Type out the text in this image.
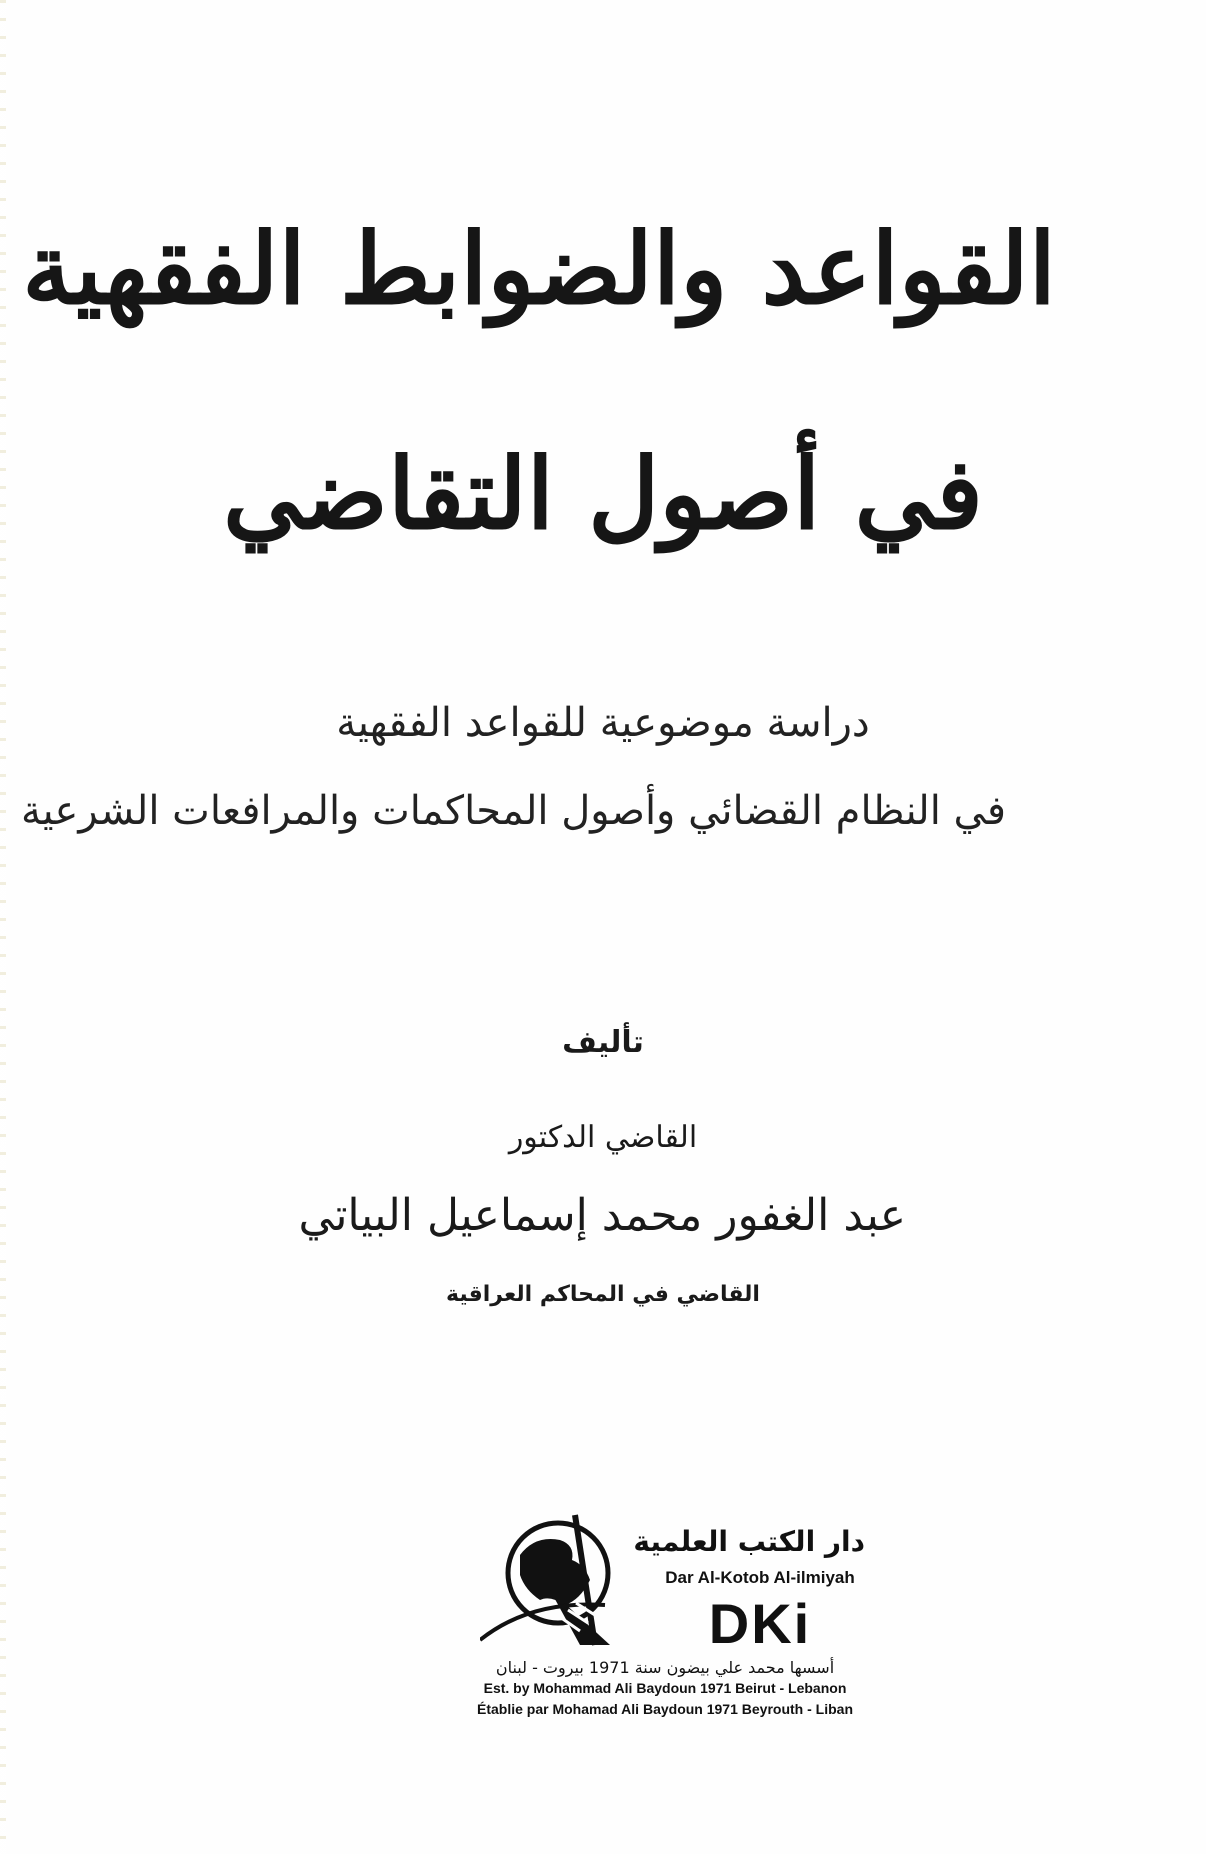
القواعد والضوابط الفقهية
في أصول التقاضي
دراسة موضوعية للقواعد الفقهية
في النظام القضائي وأصول المحاكمات والمرافعات الشرعية
تأليف
القاضي الدكتور
عبد الغفور محمد إسماعيل البياتي
القاضي في المحاكم العراقية
دار الكتب العلمية
Dar Al-Kotob Al-ilmiyah
DKi
أسسها محمد علي بيضون سنة 1971 بيروت - لبنان
Est. by Mohammad Ali Baydoun 1971 Beirut - Lebanon
Établie par Mohamad Ali Baydoun 1971 Beyrouth - Liban
